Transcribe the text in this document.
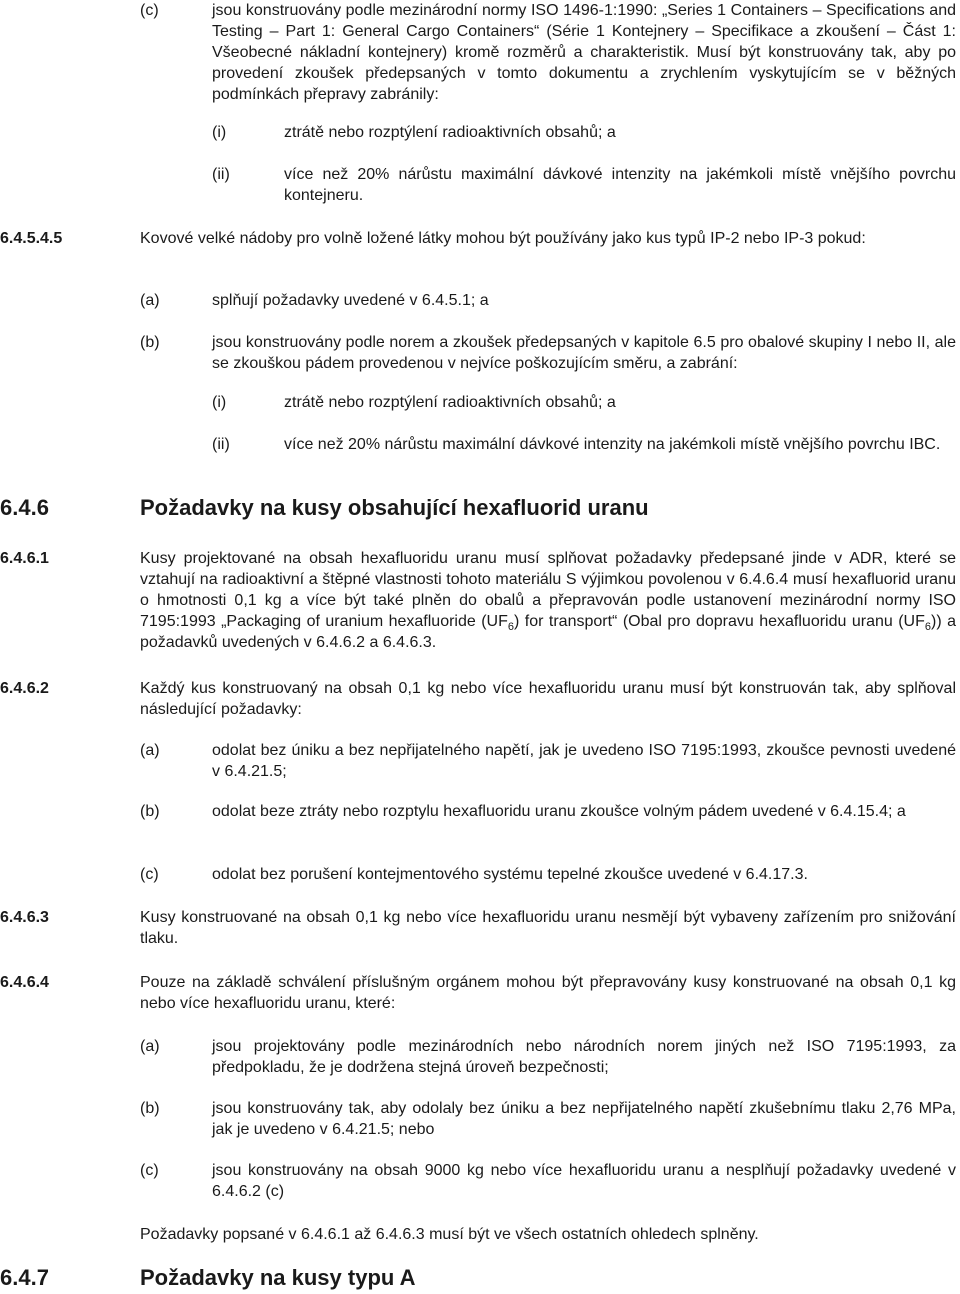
(c)	jsou konstruovány podle mezinárodní normy ISO 1496-1:1990: „Series 1 Containers – Specifications and Testing – Part 1: General Cargo Containers“ (Série 1 Kontejnery – Specifikace a zkoušení – Část 1: Všeobecné nákladní kontejnery) kromě rozměrů a charakteristik. Musí být konstruovány tak, aby po provedení zkoušek předepsaných v tomto dokumentu a zrychlením vyskytujícím se v běžných podmínkách přepravy zabránily:
(i)	ztrátě nebo rozptýlení radioaktivních obsahů; a
(ii)	více než 20% nárůstu maximální dávkové intenzity na jakémkoli místě vnějšího povrchu kontejneru.
6.4.5.4.5	Kovové velké nádoby pro volně ložené látky mohou být používány jako kus typů IP-2 nebo IP-3 pokud:
(a)	splňují požadavky uvedené v 6.4.5.1; a
(b)	jsou konstruovány podle norem a zkoušek předepsaných v kapitole 6.5 pro obalové skupiny I nebo II, ale se zkouškou pádem provedenou v nejvíce poškozujícím směru, a zabrání:
(i)	ztrátě nebo rozptýlení radioaktivních obsahů; a
(ii)	více než 20% nárůstu maximální dávkové intenzity na jakémkoli místě vnějšího povrchu IBC.
6.4.6	Požadavky na kusy obsahující hexafluorid uranu
6.4.6.1	Kusy projektované na obsah hexafluoridu uranu musí splňovat požadavky předepsané jinde v ADR, které se vztahují na radioaktivní a štěpné vlastnosti tohoto materiálu S výjimkou povolenou v 6.4.6.4 musí hexafluorid uranu o hmotnosti 0,1 kg a více být také plněn do obalů a přepravován podle ustanovení mezinárodní normy ISO 7195:1993 „Packaging of uranium hexafluoride $(UF_6)$ for transport“ (Obal pro dopravu hexafluoridu uranu $(UF_6)$) a požadavků uvedených v 6.4.6.2 a 6.4.6.3.
6.4.6.2	Každý kus konstruovaný na obsah 0,1 kg nebo více hexafluoridu uranu musí být konstruován tak, aby splňoval následující požadavky:
(a)	odolat bez úniku a bez nepřijatelného napětí, jak je uvedeno ISO 7195:1993, zkoušce pevnosti uvedené v 6.4.21.5;
(b)	odolat beze ztráty nebo rozptylu hexafluoridu uranu zkoušce volným pádem uvedené v 6.4.15.4; a
(c)	odolat bez porušení kontejmentového systému tepelné zkoušce uvedené v 6.4.17.3.
6.4.6.3	Kusy konstruované na obsah 0,1 kg nebo více hexafluoridu uranu nesmějí být vybaveny zařízením pro snižování tlaku.
6.4.6.4	Pouze na základě schválení příslušným orgánem mohou být přepravovány kusy konstruované na obsah 0,1 kg nebo více hexafluoridu uranu, které:
(a)	jsou projektovány podle mezinárodních nebo národních norem jiných než ISO 7195:1993, za předpokladu, že je dodržena stejná úroveň bezpečnosti;
(b)	jsou konstruovány tak, aby odolaly bez úniku a bez nepřijatelného napětí zkušebnímu tlaku 2,76 MPa, jak je uvedeno v 6.4.21.5; nebo
(c)	jsou konstruovány na obsah 9000 kg nebo více hexafluoridu uranu a nesplňují požadavky uvedené v 6.4.6.2 (c)
Požadavky popsané v 6.4.6.1 až 6.4.6.3 musí být ve všech ostatních ohledech splněny.
6.4.7	Požadavky na kusy typu A
